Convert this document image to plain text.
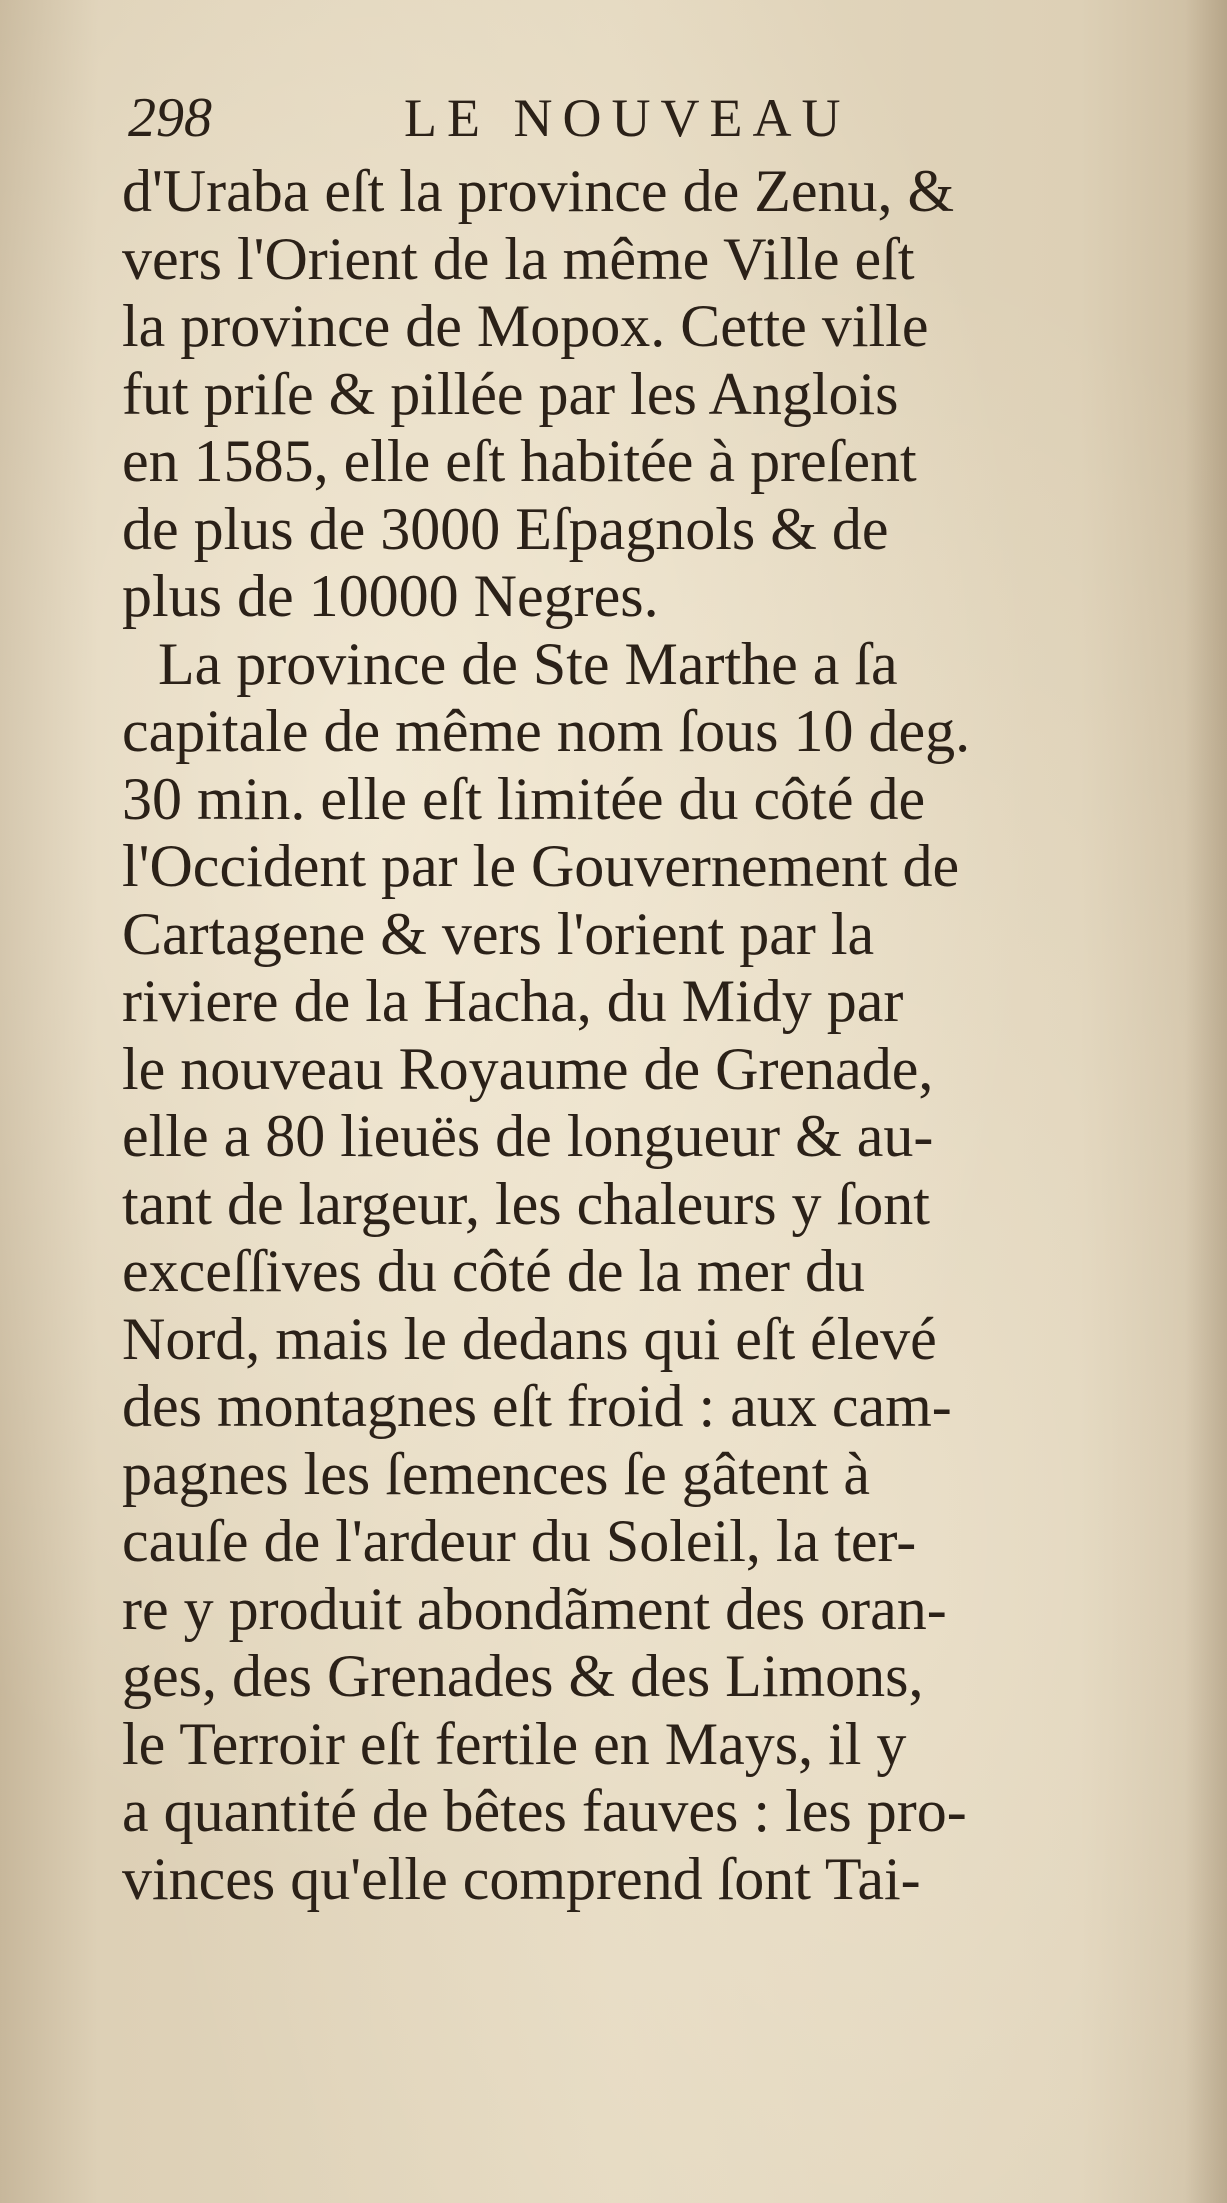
298	LE NOUVEAU
d'Uraba eſt la province de Zenu, &
vers l'Orient de la même Ville eſt
la province de Mopox. Cette ville
fut priſe & pillée par les Anglois
en 1585, elle eſt habitée à preſent
de plus de 3000 Eſpagnols & de
plus de 10000 Negres.
La province de Ste Marthe a ſa
capitale de même nom ſous 10 deg.
30 min. elle eſt limitée du côté de
l'Occident par le Gouvernement de
Cartagene & vers l'orient par la
riviere de la Hacha, du Midy par
le nouveau Royaume de Grenade,
elle a 80 lieuës de longueur & au-
tant de largeur, les chaleurs y ſont
exceſſives du côté de la mer du
Nord, mais le dedans qui eſt élevé
des montagnes eſt froid : aux cam-
pagnes les ſemences ſe gâtent à
cauſe de l'ardeur du Soleil, la ter-
re y produit abondãment des oran-
ges, des Grenades & des Limons,
le Terroir eſt fertile en Mays, il y
a quantité de bêtes fauves : les pro-
vinces qu'elle comprend ſont Tai-
